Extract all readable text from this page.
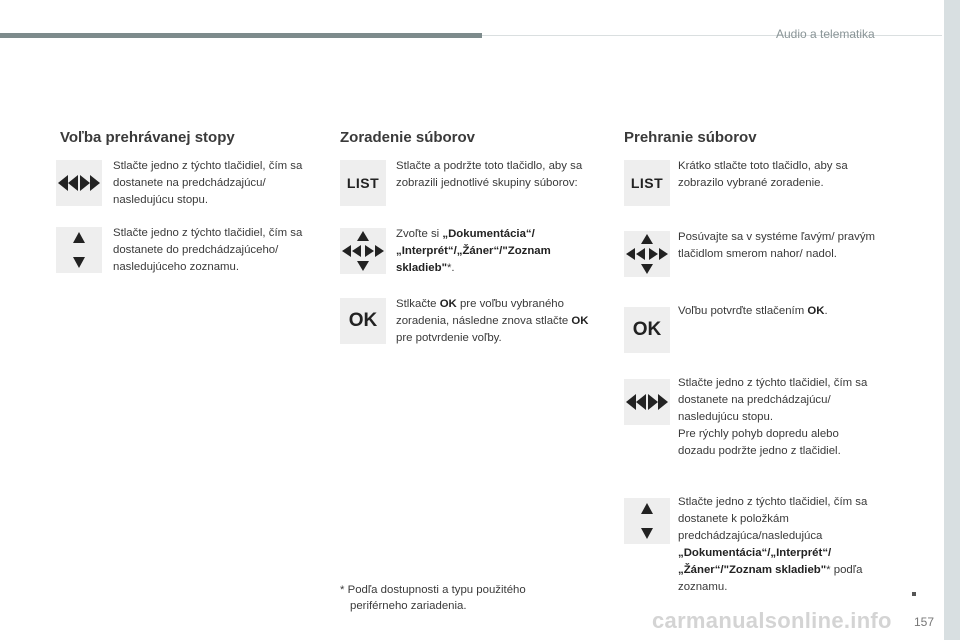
Audio a telematika
Voľba prehrávanej stopy
Stlačte jedno z týchto tlačidiel, čím sa dostanete na predchádzajúcu/ nasledujúcu stopu.
Stlačte jedno z týchto tlačidiel, čím sa dostanete do predchádzajúceho/ nasledujúceho zoznamu.
Zoradenie súborov
LIST
Stlačte a podržte toto tlačidlo, aby sa zobrazili jednotlivé skupiny súborov:
Zvoľte si „Dokumentácia“/ „Interprét“/„Žáner“/"Zoznam skladieb"*.
OK
Stlkačte OK pre voľbu vybraného zoradenia, následne znova stlačte OK pre potvrdenie voľby.
* Podľa dostupnosti a typu použitého
periférneho zariadenia.
Prehranie súborov
LIST
Krátko stlačte toto tlačidlo, aby sa zobrazilo vybrané zoradenie.
Posúvajte sa v systéme ľavým/ pravým tlačidlom smerom nahor/ nadol.
OK
Voľbu potvrďte stlačením OK.
Stlačte jedno z týchto tlačidiel, čím sa dostanete na predchádzajúcu/ nasledujúcu stopu.
Pre rýchly pohyb dopredu alebo dozadu podržte jedno z tlačidiel.
Stlačte jedno z týchto tlačidiel, čím sa dostanete k položkám predchádzajúca/nasledujúca „Dokumentácia“/„Interprét“/ „Žáner“/"Zoznam skladieb"* podľa zoznamu.
carmanualsonline.info 157
